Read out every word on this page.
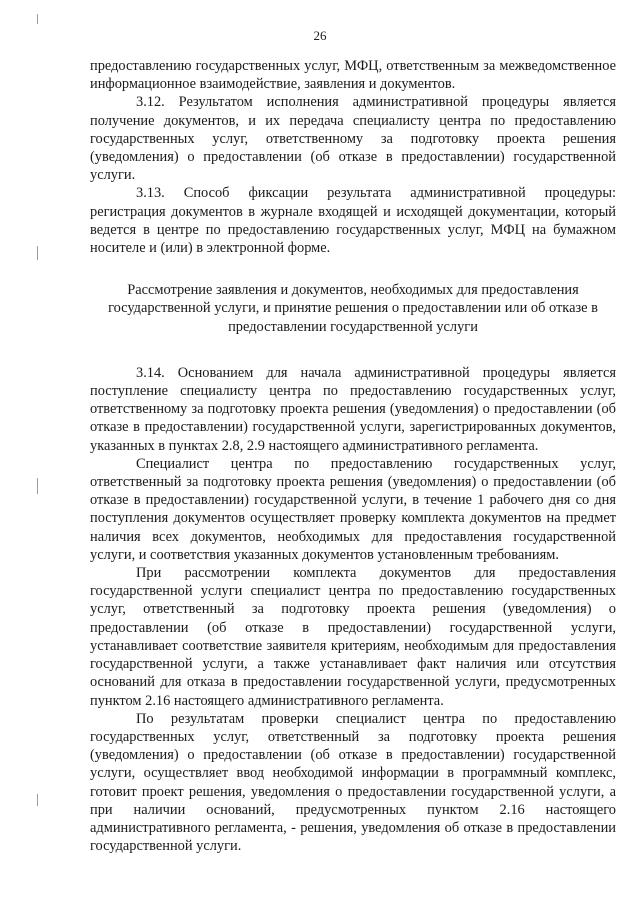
26

предоставлению государственных услуг, МФЦ, ответственным за межведомственное информационное взаимодействие, заявления и документов.

3.12. Результатом исполнения административной процедуры является получение документов, и их передача специалисту центра по предоставлению государственных услуг, ответственному за подготовку проекта решения (уведомления) о предоставлении (об отказе в предоставлении) государственной услуги.

3.13. Способ фиксации результата административной процедуры: регистрация документов в журнале входящей и исходящей документации, который ведется в центре по предоставлению государственных услуг, МФЦ на бумажном носителе и (или) в электронной форме.

Рассмотрение заявления и документов, необходимых для предоставления
государственной услуги, и принятие решения о предоставлении или об отказе в
предоставлении государственной услуги

3.14. Основанием для начала административной процедуры является поступление специалисту центра по предоставлению государственных услуг, ответственному за подготовку проекта решения (уведомления) о предоставлении (об отказе в предоставлении) государственной услуги, зарегистрированных документов, указанных в пунктах 2.8, 2.9 настоящего административного регламента.

Специалист центра по предоставлению государственных услуг, ответственный за подготовку проекта решения (уведомления) о предоставлении (об отказе в предоставлении) государственной услуги, в течение 1 рабочего дня со дня поступления документов осуществляет проверку комплекта документов на предмет наличия всех документов, необходимых для предоставления государственной услуги, и соответствия указанных документов установленным требованиям.

При рассмотрении комплекта документов для предоставления государственной услуги специалист центра по предоставлению государственных услуг, ответственный за подготовку проекта решения (уведомления) о предоставлении (об отказе в предоставлении) государственной услуги, устанавливает соответствие заявителя критериям, необходимым для предоставления государственной услуги, а также устанавливает факт наличия или отсутствия оснований для отказа в предоставлении государственной услуги, предусмотренных пунктом 2.16 настоящего административного регламента.

По результатам проверки специалист центра по предоставлению государственных услуг, ответственный за подготовку проекта решения (уведомления) о предоставлении (об отказе в предоставлении) государственной услуги, осуществляет ввод необходимой информации в программный комплекс, готовит проект решения, уведомления о предоставлении государственной услуги, а при наличии оснований, предусмотренных пунктом 2.16 настоящего административного регламента, - решения, уведомления об отказе в предоставлении государственной услуги.
